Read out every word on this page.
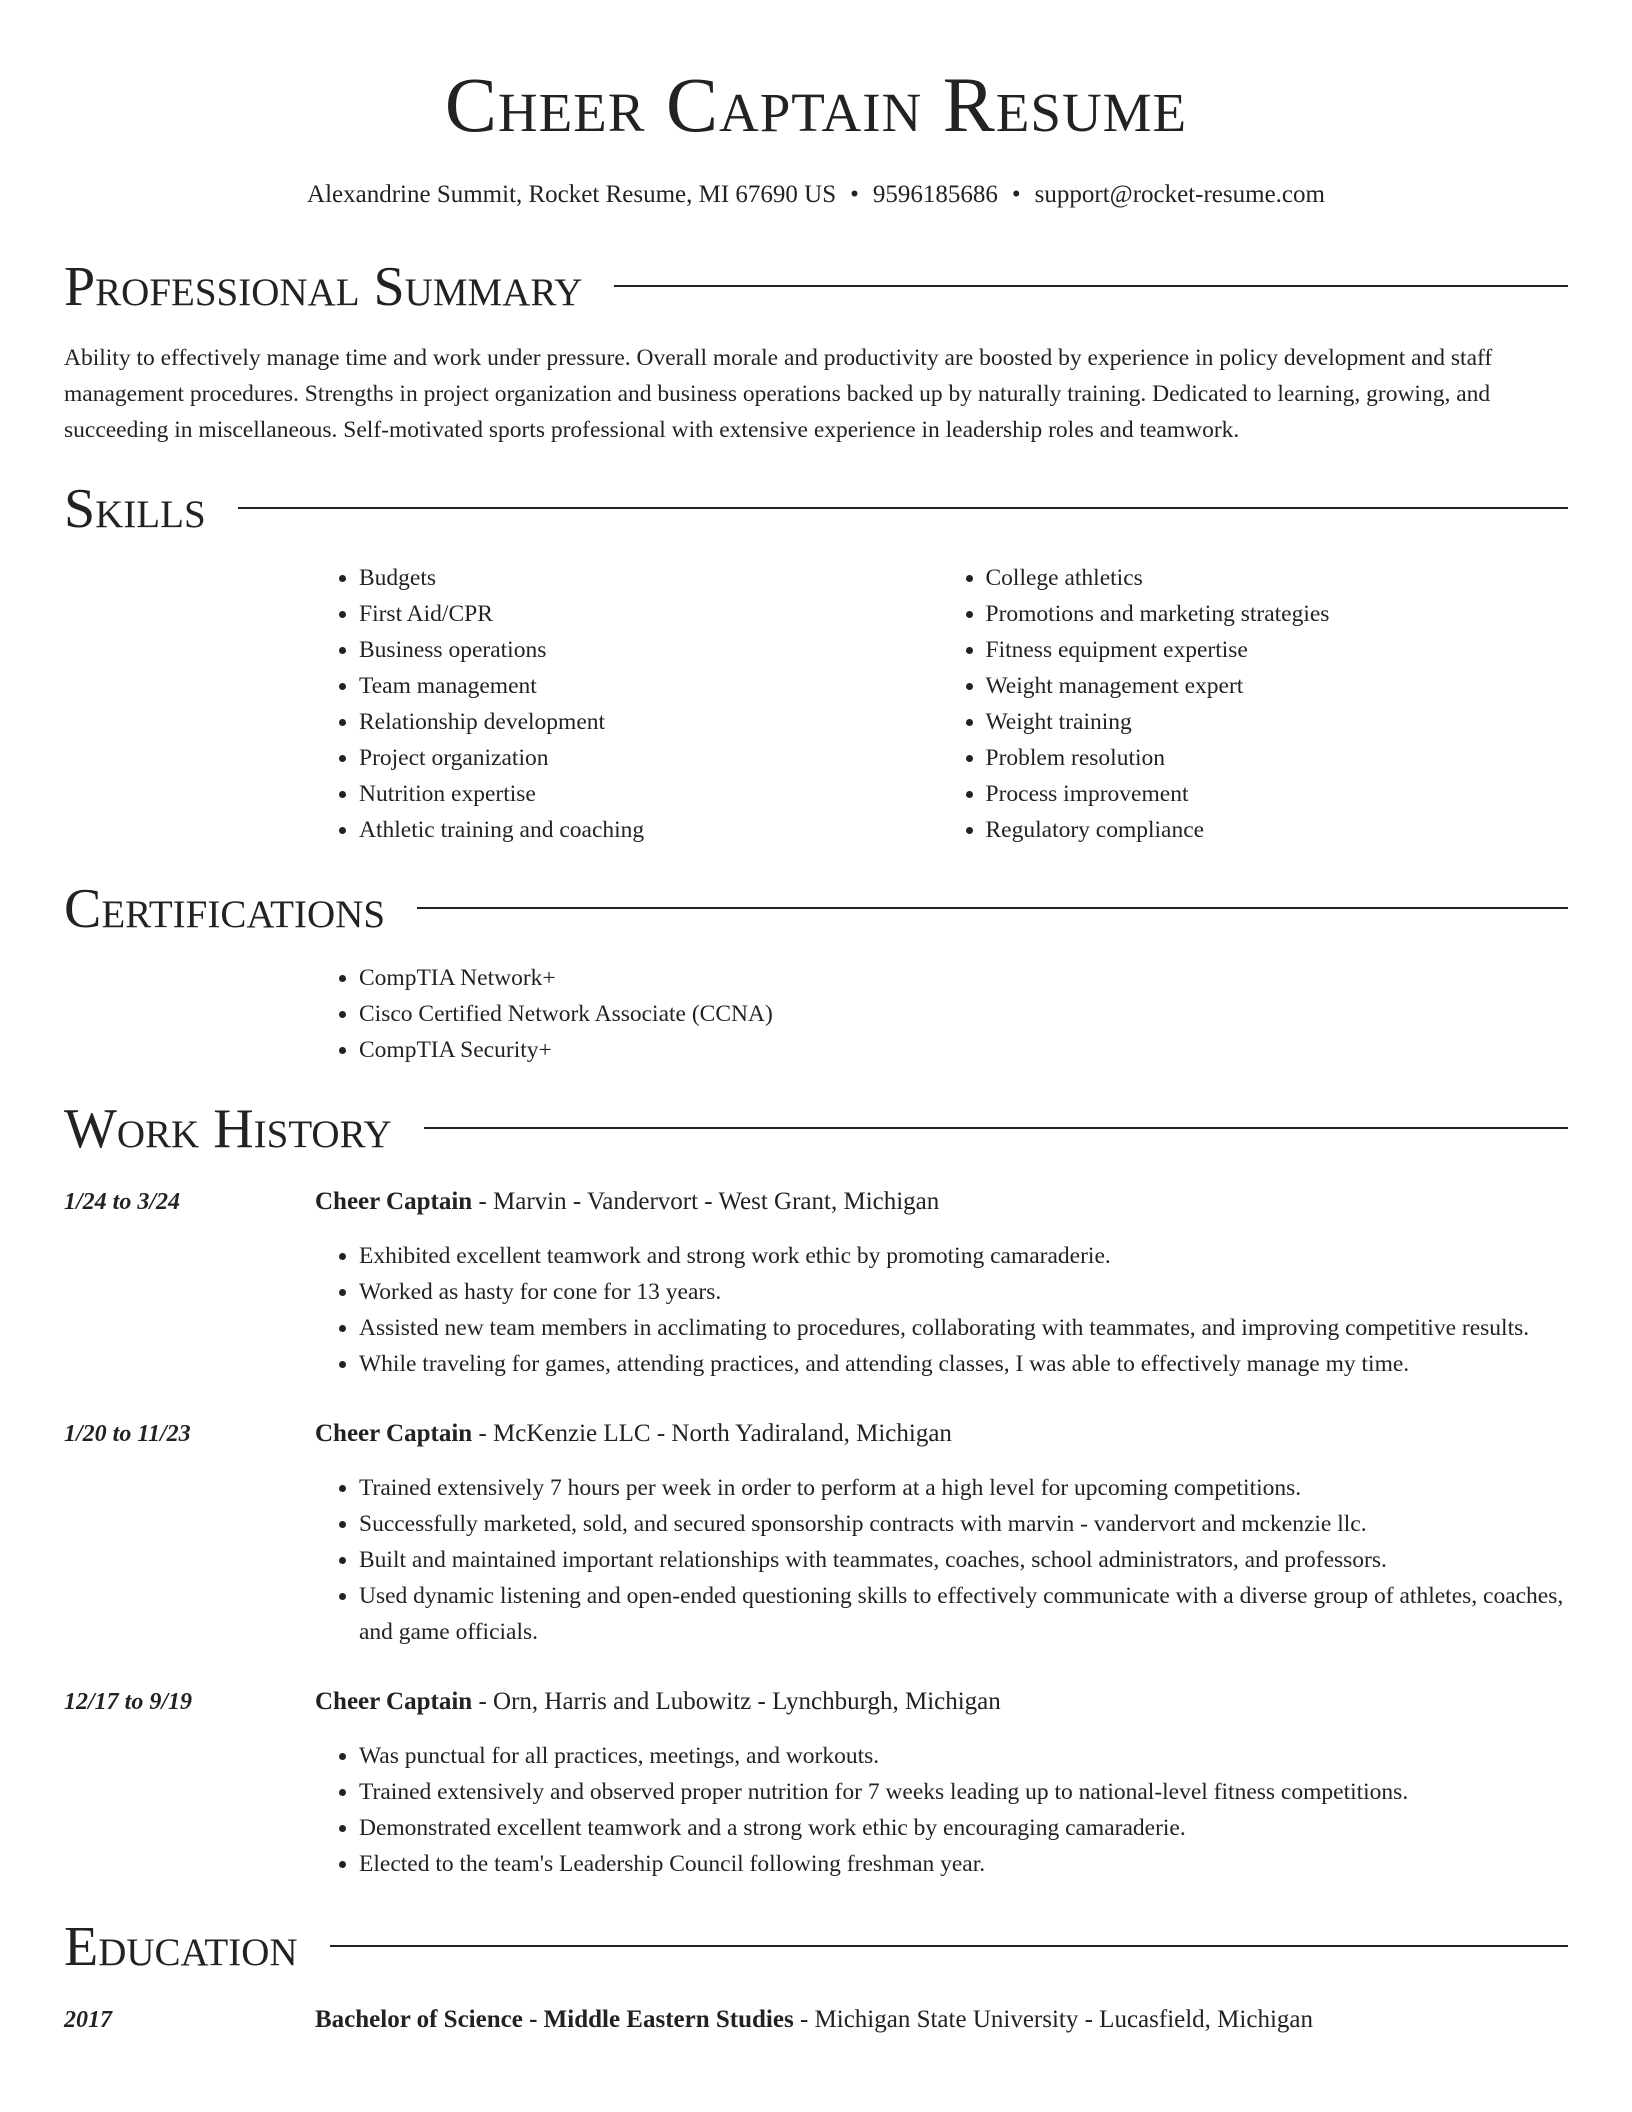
Cheer Captain Resume
Alexandrine Summit, Rocket Resume, MI 67690 US • 9596185686 • support@rocket-resume.com
Professional Summary
Ability to effectively manage time and work under pressure. Overall morale and productivity are boosted by experience in policy development and staff management procedures. Strengths in project organization and business operations backed up by naturally training. Dedicated to learning, growing, and succeeding in miscellaneous. Self-motivated sports professional with extensive experience in leadership roles and teamwork.
Skills
• Budgets
• First Aid/CPR
• Business operations
• Team management
• Relationship development
• Project organization
• Nutrition expertise
• Athletic training and coaching
• College athletics
• Promotions and marketing strategies
• Fitness equipment expertise
• Weight management expert
• Weight training
• Problem resolution
• Process improvement
• Regulatory compliance
Certifications
• CompTIA Network+
• Cisco Certified Network Associate (CCNA)
• CompTIA Security+
Work History
1/24 to 3/24	Cheer Captain - Marvin - Vandervort - West Grant, Michigan
• Exhibited excellent teamwork and strong work ethic by promoting camaraderie.
• Worked as hasty for cone for 13 years.
• Assisted new team members in acclimating to procedures, collaborating with teammates, and improving competitive results.
• While traveling for games, attending practices, and attending classes, I was able to effectively manage my time.
1/20 to 11/23	Cheer Captain - McKenzie LLC - North Yadiraland, Michigan
• Trained extensively 7 hours per week in order to perform at a high level for upcoming competitions.
• Successfully marketed, sold, and secured sponsorship contracts with marvin - vandervort and mckenzie llc.
• Built and maintained important relationships with teammates, coaches, school administrators, and professors.
• Used dynamic listening and open-ended questioning skills to effectively communicate with a diverse group of athletes, coaches, and game officials.
12/17 to 9/19	Cheer Captain - Orn, Harris and Lubowitz - Lynchburgh, Michigan
• Was punctual for all practices, meetings, and workouts.
• Trained extensively and observed proper nutrition for 7 weeks leading up to national-level fitness competitions.
• Demonstrated excellent teamwork and a strong work ethic by encouraging camaraderie.
• Elected to the team's Leadership Council following freshman year.
Education
2017	Bachelor of Science - Middle Eastern Studies - Michigan State University - Lucasfield, Michigan
